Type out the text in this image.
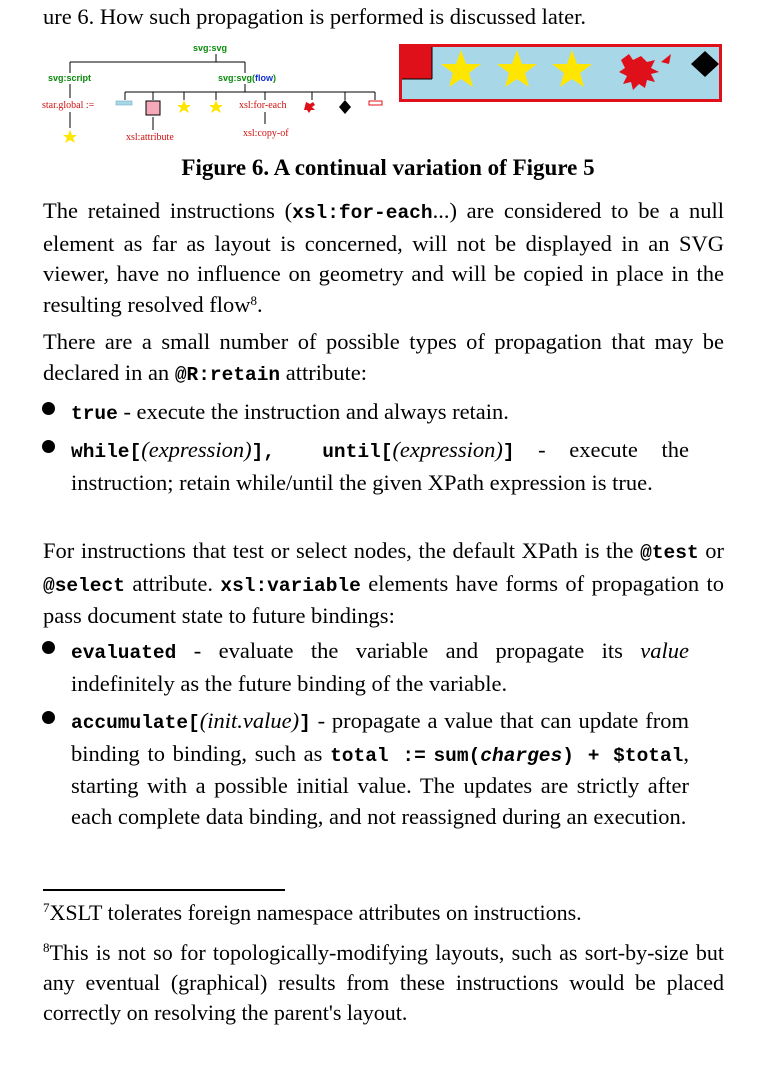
ure 6. How such propagation is performed is discussed later.
svg:svg
svg:script	svg:svg(flow)
star.global :=	xsl:for-each
xsl:attribute	xsl:copy-of
Figure 6. A continual variation of Figure 5
The retained instructions (xsl:for-each...) are considered to be a null element as far as layout is concerned, will not be displayed in an SVG viewer, have no influence on geometry and will be copied in place in the resulting resolved flow$^8$.
There are a small number of possible types of propagation that may be declared in an @R:retain attribute:
true - execute the instruction and always retain.
while[(expression)], until[(expression)] - execute the instruction; retain while/until the given XPath expression is true.
For instructions that test or select nodes, the default XPath is the @test or @select attribute. xsl:variable elements have forms of propagation to pass document state to future bindings:
evaluated - evaluate the variable and propagate its value indefinitely as the future binding of the variable.
accumulate[(init.value)] - propagate a value that can update from binding to binding, such as total := sum(charges) + $total, starting with a possible initial value. The updates are strictly after each complete data binding, and not reassigned during an execution.
$^7$XSLT tolerates foreign namespace attributes on instructions.
$^8$This is not so for topologically-modifying layouts, such as sort-by-size but any eventual (graphical) results from these instructions would be placed correctly on resolving the parent's layout.
